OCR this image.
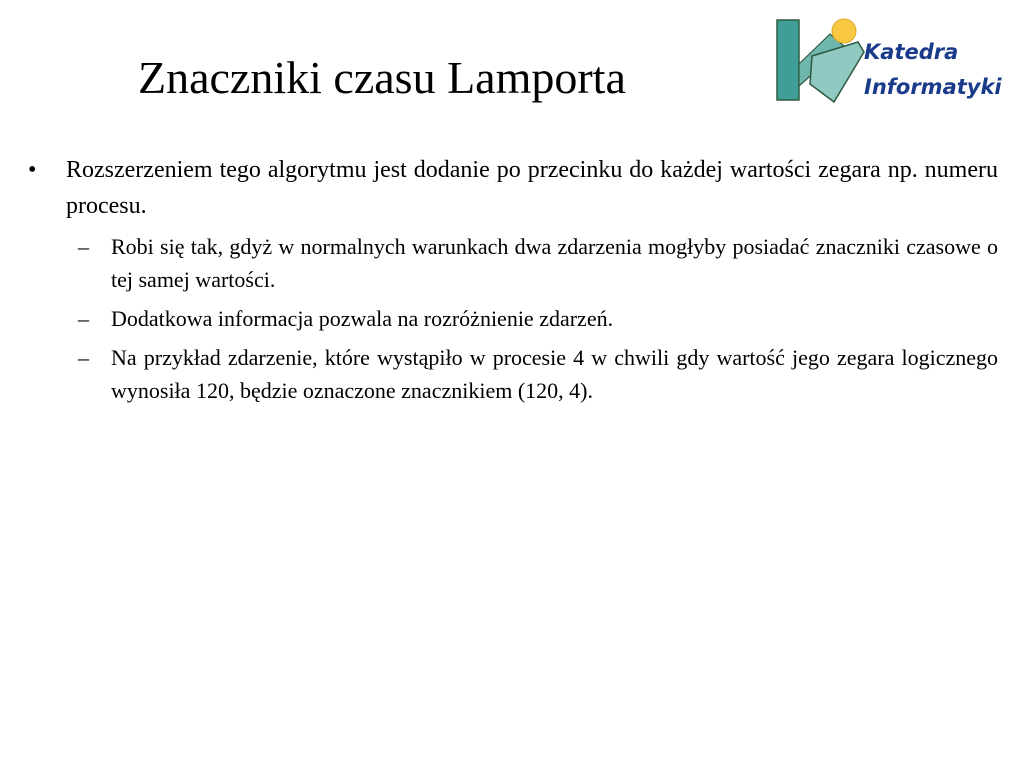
Znaczniki czasu Lamporta	Katedra
Informatyki
• Rozszerzeniem tego algorytmu jest dodanie po przecinku do każdej wartości zegara np. numeru procesu.
– Robi się tak, gdyż w normalnych warunkach dwa zdarzenia mogłyby posiadać znaczniki czasowe o tej samej wartości.
– Dodatkowa informacja pozwala na rozróżnienie zdarzeń.
– Na przykład zdarzenie, które wystąpiło w procesie 4 w chwili gdy wartość jego zegara logicznego wynosiła 120, będzie oznaczone znacznikiem (120, 4).
